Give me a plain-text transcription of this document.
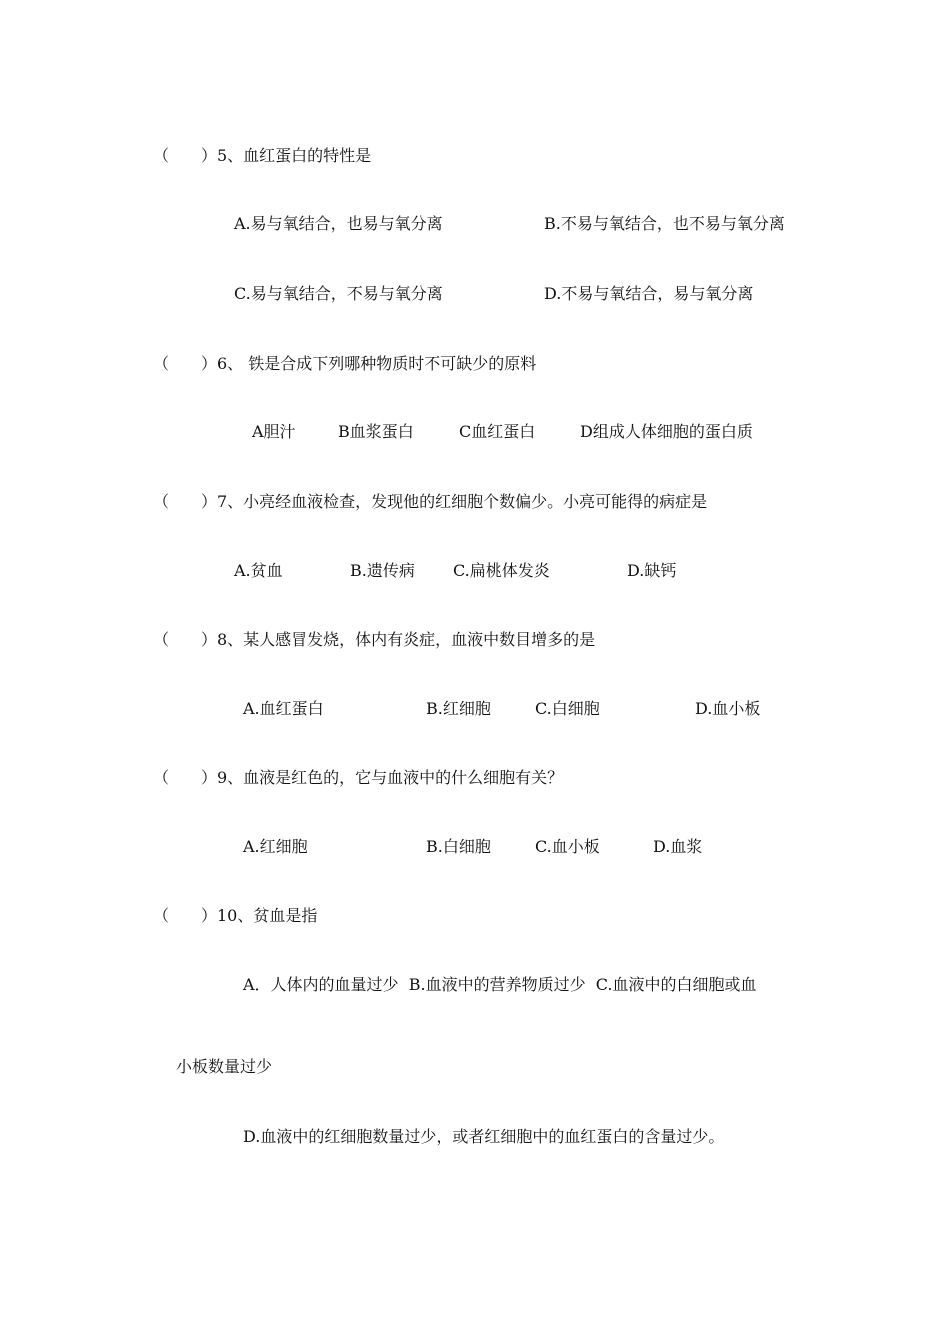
（　　）5、血红蛋白的特性是
A.易与氧结合，也易与氧分离	B.不易与氧结合，也不易与氧分离
C.易与氧结合，不易与氧分离	D.不易与氧结合，易与氧分离
（　　）6、 铁是合成下列哪种物质时不可缺少的原料
A胆汁	B血浆蛋白	C血红蛋白	D组成人体细胞的蛋白质
（　　）7、小亮经血液检查，发现他的红细胞个数偏少。小亮可能得的病症是
A.贫血	B.遗传病 C.扁桃体发炎	D.缺钙
（　　）8、某人感冒发烧，体内有炎症，血液中数目增多的是
A.血红蛋白	B.红细胞	C.白细胞	D.血小板
（　　）9、血液是红色的，它与血液中的什么细胞有关？
A.红细胞	B.白细胞	C.血小板	D.血浆
（　　）10、贫血是指
A．人体内的血量过少  B.血液中的营养物质过少  C.血液中的白细胞或血
小板数量过少
D.血液中的红细胞数量过少，或者红细胞中的血红蛋白的含量过少。
